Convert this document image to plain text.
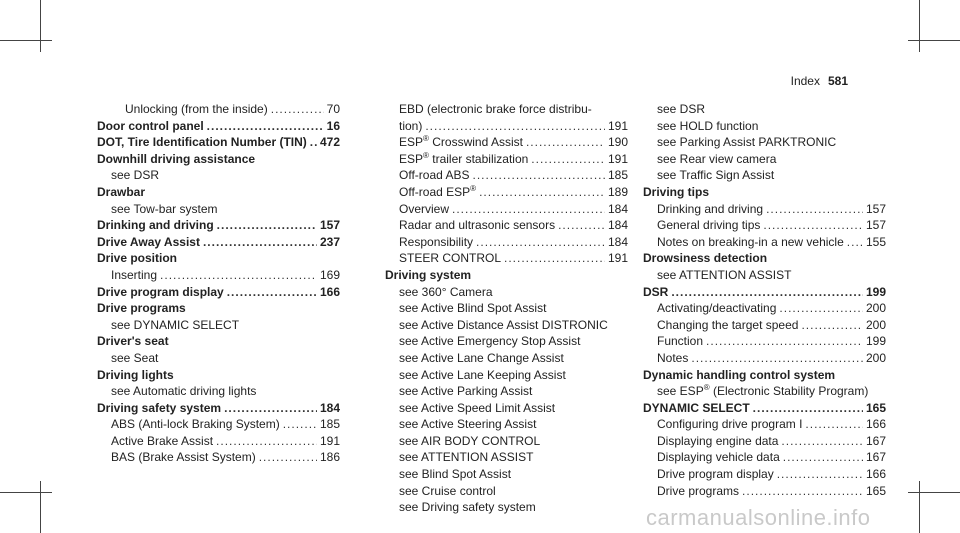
Index 581
Unlocking (from the inside) .....	70
Door control panel .....	16
DOT, Tire Identification Number (TIN) ..... 472
Downhill driving assistance
see DSR
Drawbar
see Tow-bar system
Drinking and driving .....	157
Drive Away Assist .....	237
Drive position
Inserting .....	169
Drive program display .....	166
Drive programs
see DYNAMIC SELECT
Driver's seat
see Seat
Driving lights
see Automatic driving lights
Driving safety system .....	184
ABS (Anti-lock Braking System) .....	185
Active Brake Assist .....	191
BAS (Brake Assist System) .....	186
EBD (electronic brake force distribu-
tion) .....	191
ESP® Crosswind Assist .....	190
ESP® trailer stabilization .....	191
Off-road ABS .....	185
Off-road ESP® .....	189
Overview .....	184
Radar and ultrasonic sensors .....	184
Responsibility .....	184
STEER CONTROL .....	191
Driving system
see 360° Camera
see Active Blind Spot Assist
see Active Distance Assist DISTRONIC
see Active Emergency Stop Assist
see Active Lane Change Assist
see Active Lane Keeping Assist
see Active Parking Assist
see Active Speed Limit Assist
see Active Steering Assist
see AIR BODY CONTROL
see ATTENTION ASSIST
see Blind Spot Assist
see Cruise control
see Driving safety system
see DSR
see HOLD function
see Parking Assist PARKTRONIC
see Rear view camera
see Traffic Sign Assist
Driving tips
Drinking and driving .....	157
General driving tips .....	157
Notes on breaking-in a new vehicle ..... 155
Drowsiness detection
see ATTENTION ASSIST
DSR .....	199
Activating/deactivating .....	200
Changing the target speed .....	200
Function .....	199
Notes .....	200
Dynamic handling control system
see ESP® (Electronic Stability Program)
DYNAMIC SELECT .....	165
Configuring drive program I .....	166
Displaying engine data .....	167
Displaying vehicle data .....	167
Drive program display .....	166
Drive programs .....	165
carmanualsonline.info
